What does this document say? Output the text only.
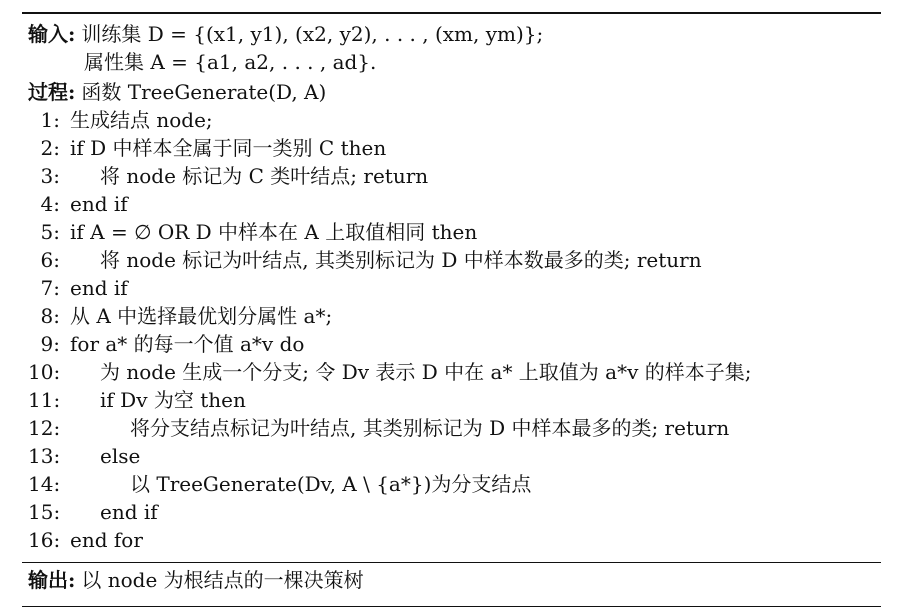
输入: 训练集 D = {(x1, y1), (x2, y2), . . . , (xm, ym)};
属性集 A = {a1, a2, . . . , ad}.
过程: 函数 TreeGenerate(D, A)
1: 生成结点 node;
2: if D 中样本全属于同一类别 C then
3: 将 node 标记为 C 类叶结点; return
4: end if
5: if A = ∅ OR D 中样本在 A 上取值相同 then
6: 将 node 标记为叶结点, 其类别标记为 D 中样本数最多的类; return
7: end if
8: 从 A 中选择最优划分属性 a*;
9: for a* 的每一个值 a*v do
10: 为 node 生成一个分支; 令 Dv 表示 D 中在 a* 上取值为 a*v 的样本子集;
11: if Dv 为空 then
12:	将分支结点标记为叶结点, 其类别标记为 D 中样本最多的类; return
13: else
14:	以 TreeGenerate(Dv, A \ {a*})为分支结点
15: end if
16: end for
输出: 以 node 为根结点的一棵决策树
